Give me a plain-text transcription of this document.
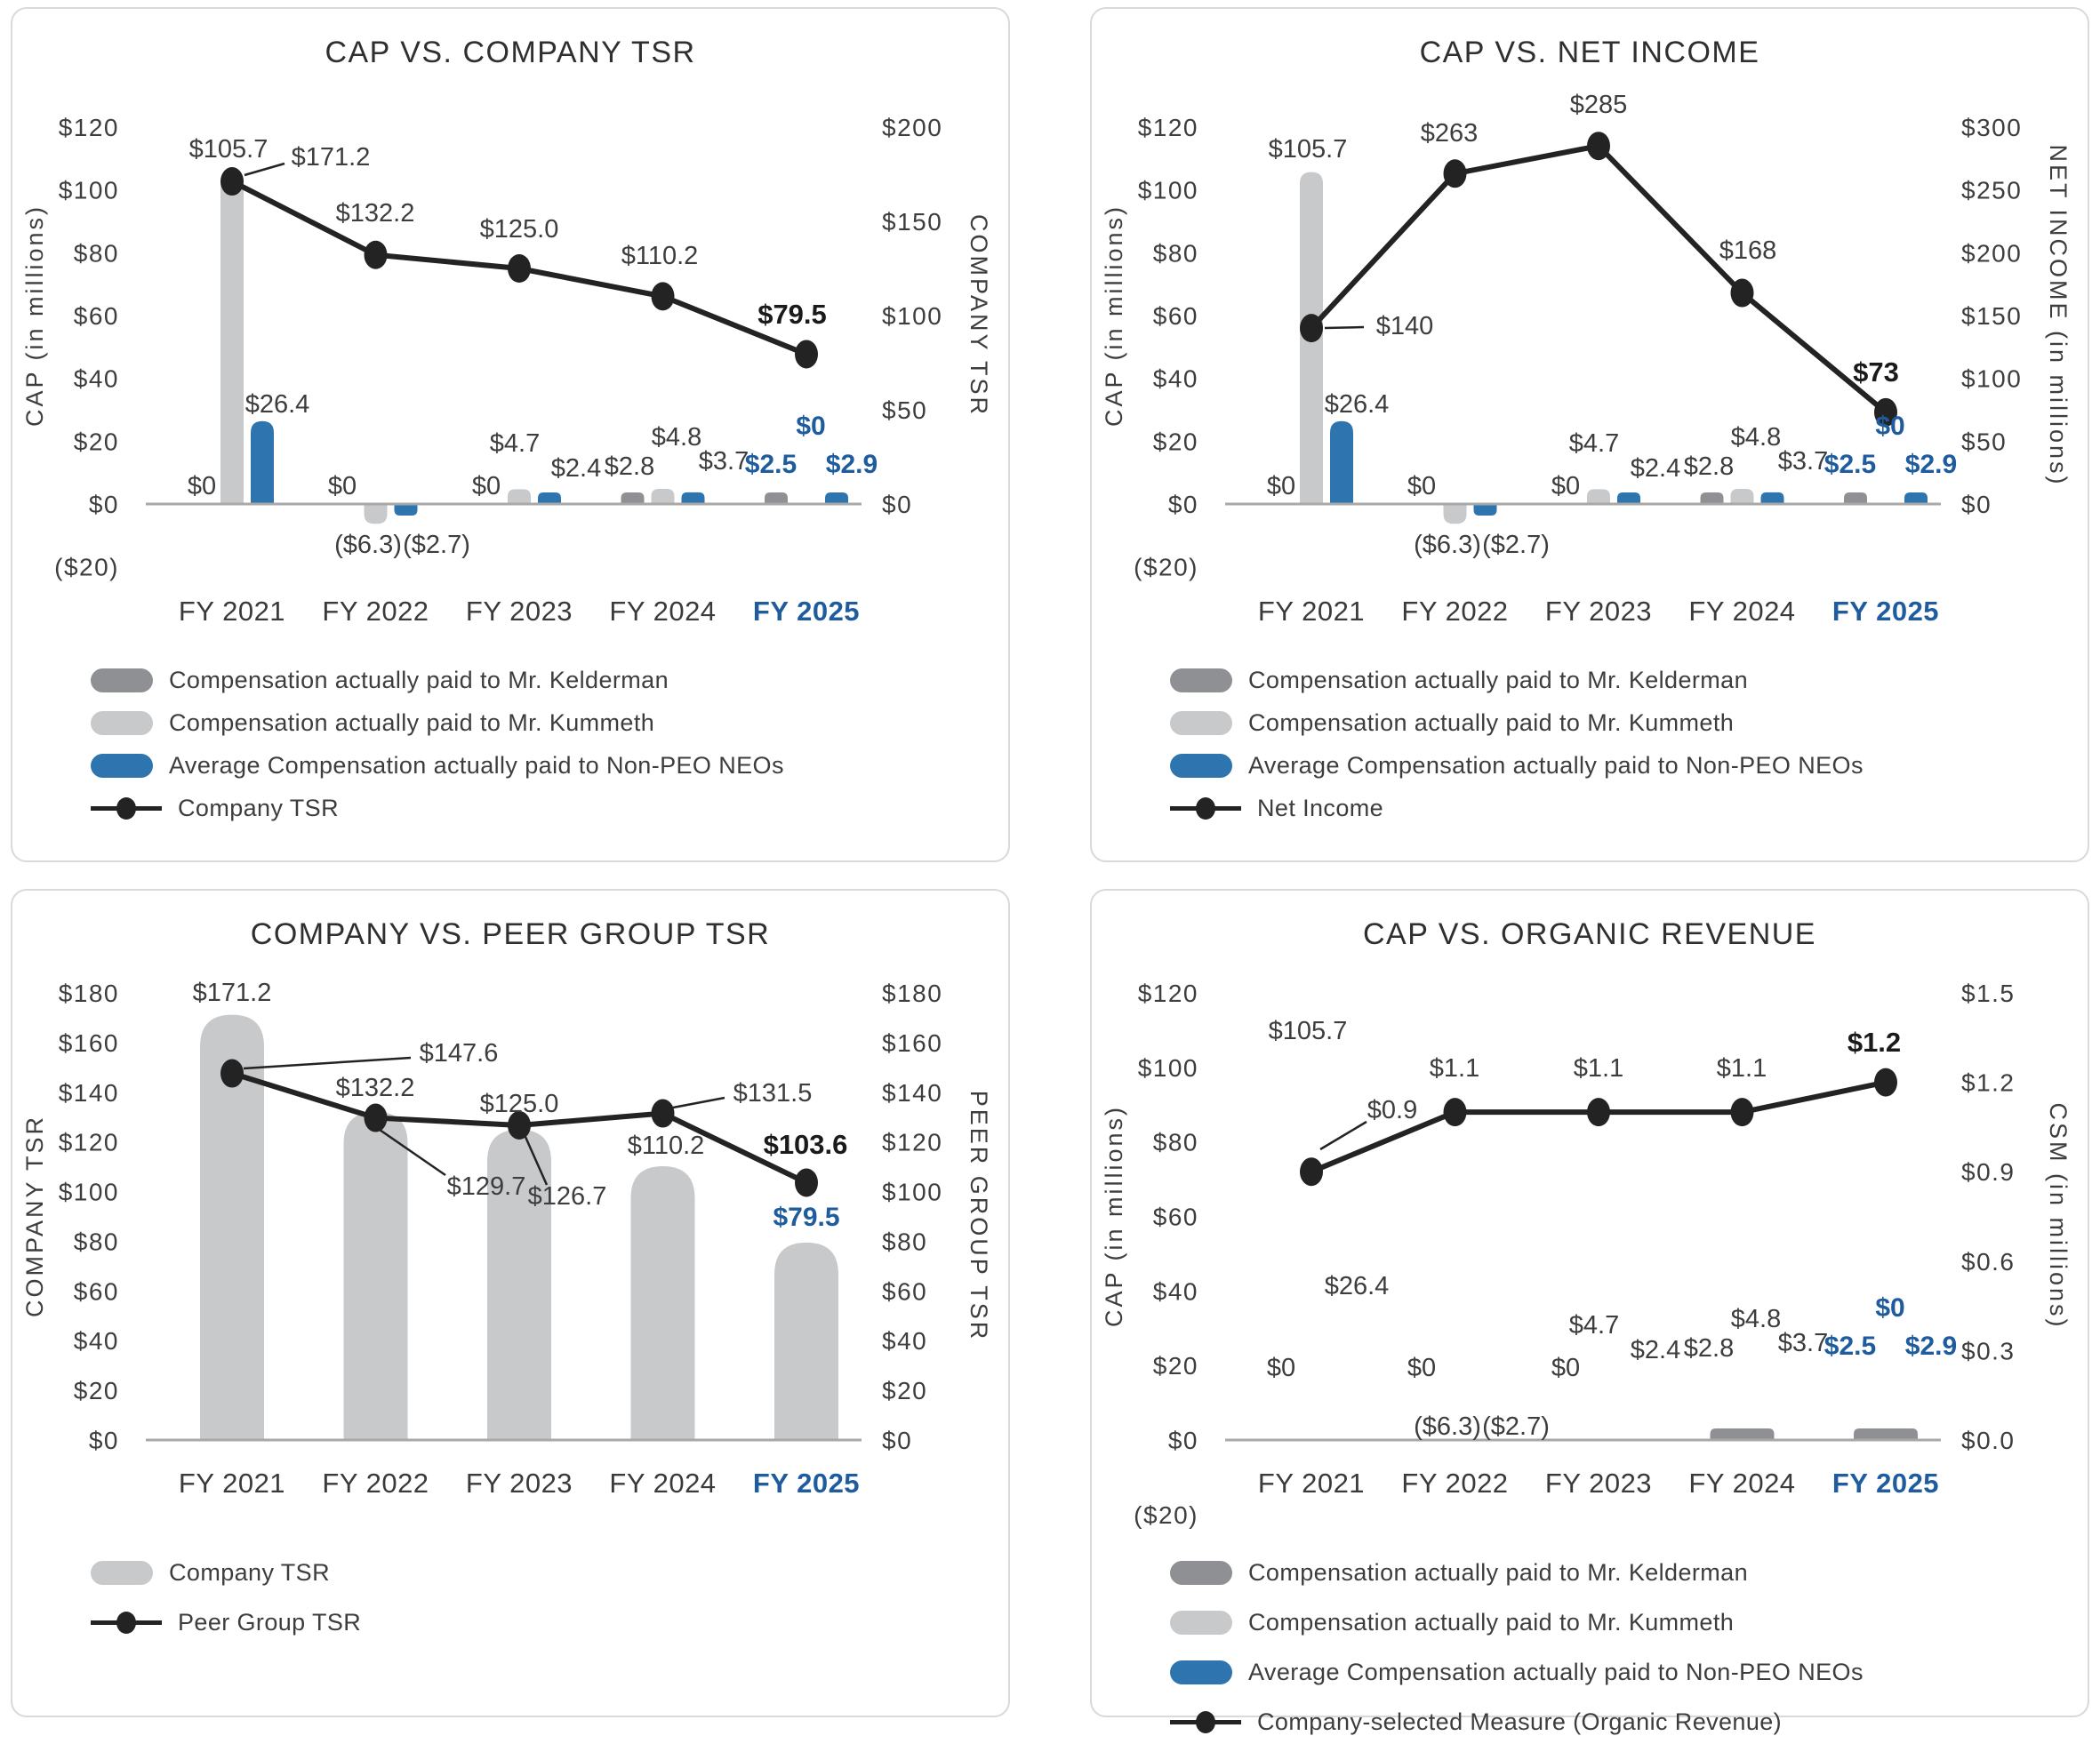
CAP VS. COMPANY TSR
$120
$100
$80
$60
$40
$20
$0
($20)
$200
$150
$100
$50
$0
CAP (in millions)	COMPANY TSR
$0
$105.7
$26.4
$0
($6.3) ($2.7)
$0
$4.7
$2.4 $2.8
$4.8
$3.7
$2.5
$0
$2.9
$171.2
$132.2
$125.0
$110.2
$79.5
FY 2021 FY 2022 FY 2023 FY 2024 FY 2025
Compensation actually paid to Mr. Kelderman
Compensation actually paid to Mr. Kummeth
Average Compensation actually paid to Non-PEO NEOs
Company TSR
CAP VS. NET INCOME
$120
$100
$80
$60
$40
$20
$0
($20)
$300
$250
$200
$150
$100
$50
$0
CAP (in millions)	NET INCOME (in millions)
$0
$105.7
$26.4
$0
($6.3) ($2.7)
$0
$4.7
$2.4 $2.8
$4.8
$3.7
$2.5
$0
$2.9
$140
$263
$285
$168
$73
FY 2021 FY 2022 FY 2023 FY 2024 FY 2025
Compensation actually paid to Mr. Kelderman
Compensation actually paid to Mr. Kummeth
Average Compensation actually paid to Non-PEO NEOs
Net Income
COMPANY VS. PEER GROUP TSR
$180
$160
$140
$120
$100
$80
$60
$40
$20
$0
$180
$160
$140
$120
$100
$80
$60
$40
$20
$0
COMPANY TSR	PEER GROUP TSR
$171.2
$132.2
$125.0
$110.2
$79.5
$147.6
$129.7 $126.7
$131.5
$103.6
FY 2021 FY 2022 FY 2023 FY 2024 FY 2025
Company TSR
Peer Group TSR
CAP VS. ORGANIC REVENUE
$120
$100
$80
$60
$40
$20
$0
($20)
$1.5
$1.2
$0.9
$0.6
$0.3
$0.0
CAP (in millions)	CSM (in millions)
$0
$105.7
$26.4
$0
($6.3) ($2.7)
$0
$4.7
$2.4 $2.8
$4.8
$3.7
$2.5
$0
$2.9
$0.9
$1.1	$1.1	$1.1
$1.2
FY 2021 FY 2022 FY 2023 FY 2024 FY 2025
Compensation actually paid to Mr. Kelderman
Compensation actually paid to Mr. Kummeth
Average Compensation actually paid to Non-PEO NEOs
Company-selected Measure (Organic Revenue)
